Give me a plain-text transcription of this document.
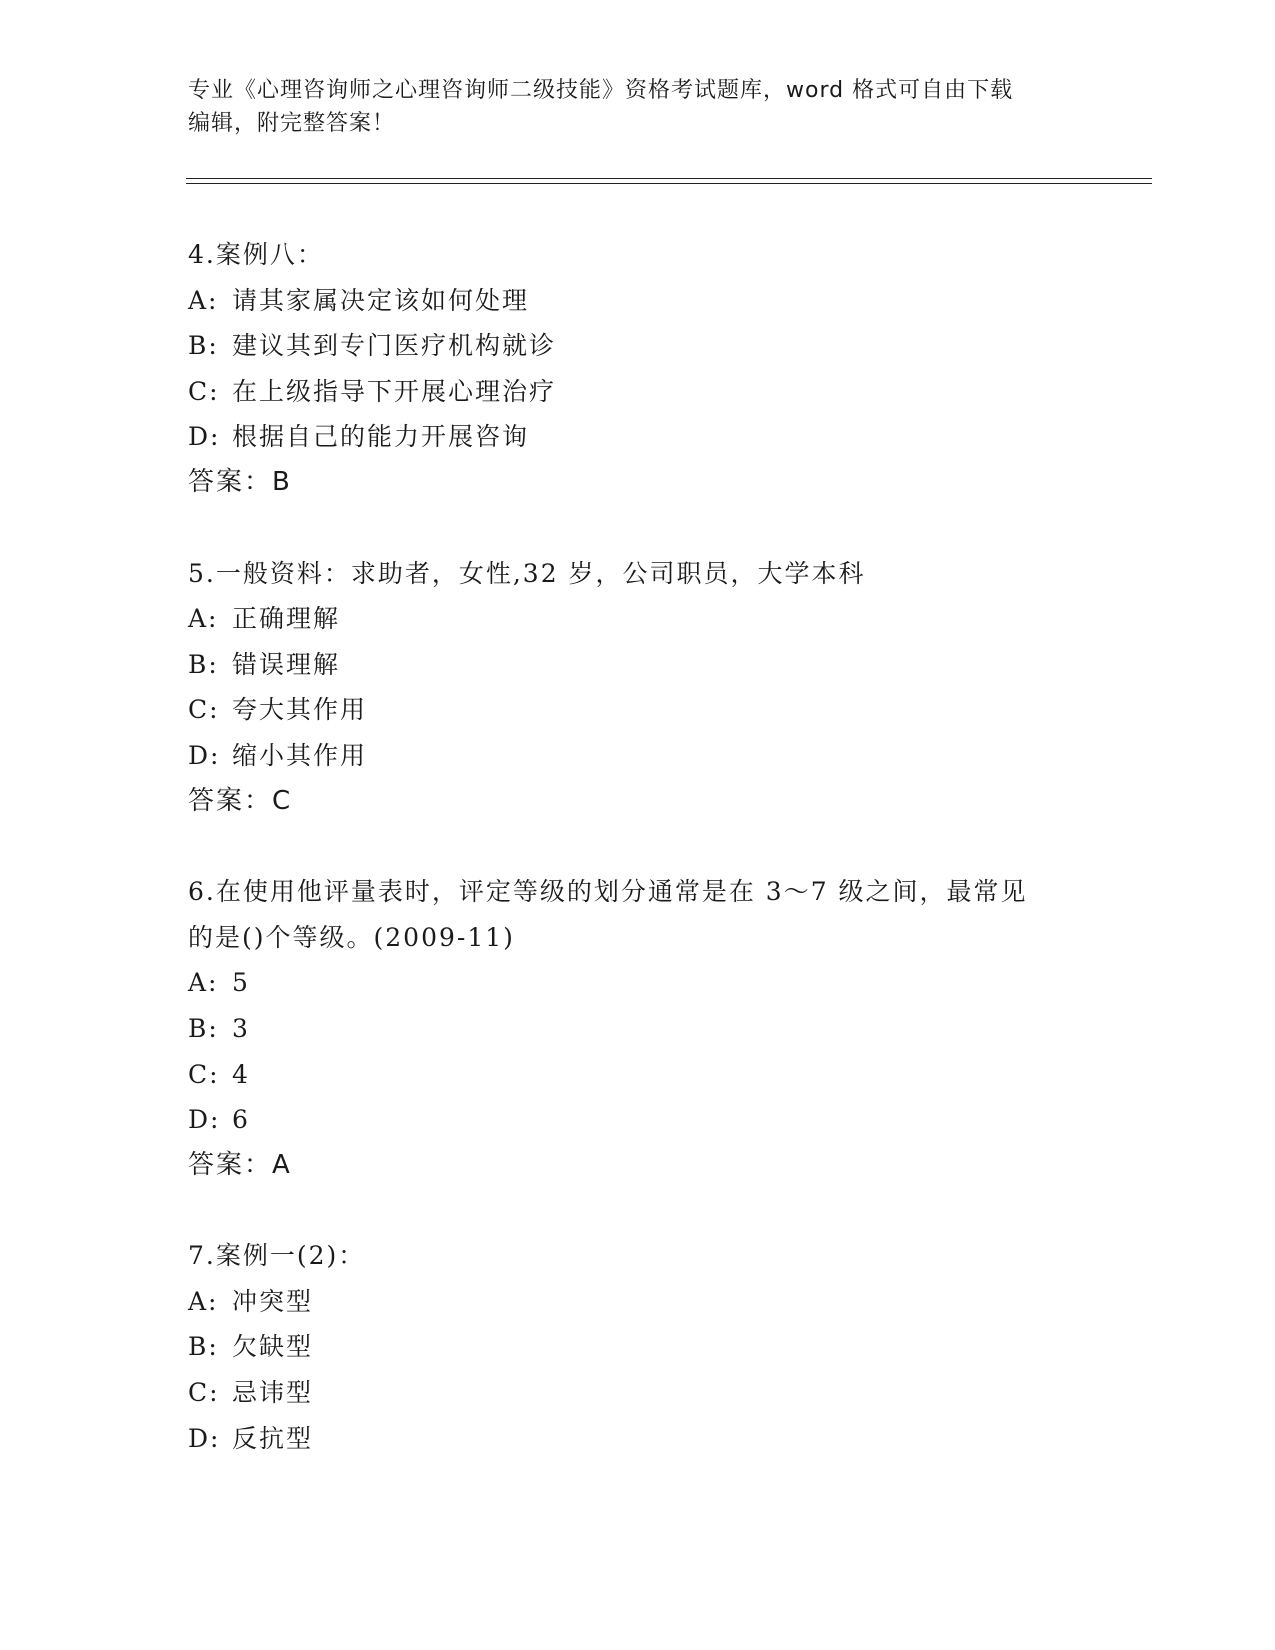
专业《心理咨询师之心理咨询师二级技能》资格考试题库，word 格式可自由下载
编辑，附完整答案！
4.案例八：
A: 请其家属决定该如何处理
B: 建议其到专门医疗机构就诊
C: 在上级指导下开展心理治疗
D: 根据自己的能力开展咨询
答案：B
5.一般资料：求助者，女性,32 岁，公司职员，大学本科
A: 正确理解
B: 错误理解
C: 夸大其作用
D: 缩小其作用
答案：C
6.在使用他评量表时，评定等级的划分通常是在 3～7 级之间，最常见
的是()个等级。(2009-11)
A: 5
B: 3
C: 4
D: 6
答案：A
7.案例一(2)：
A: 冲突型
B: 欠缺型
C: 忌讳型
D: 反抗型
